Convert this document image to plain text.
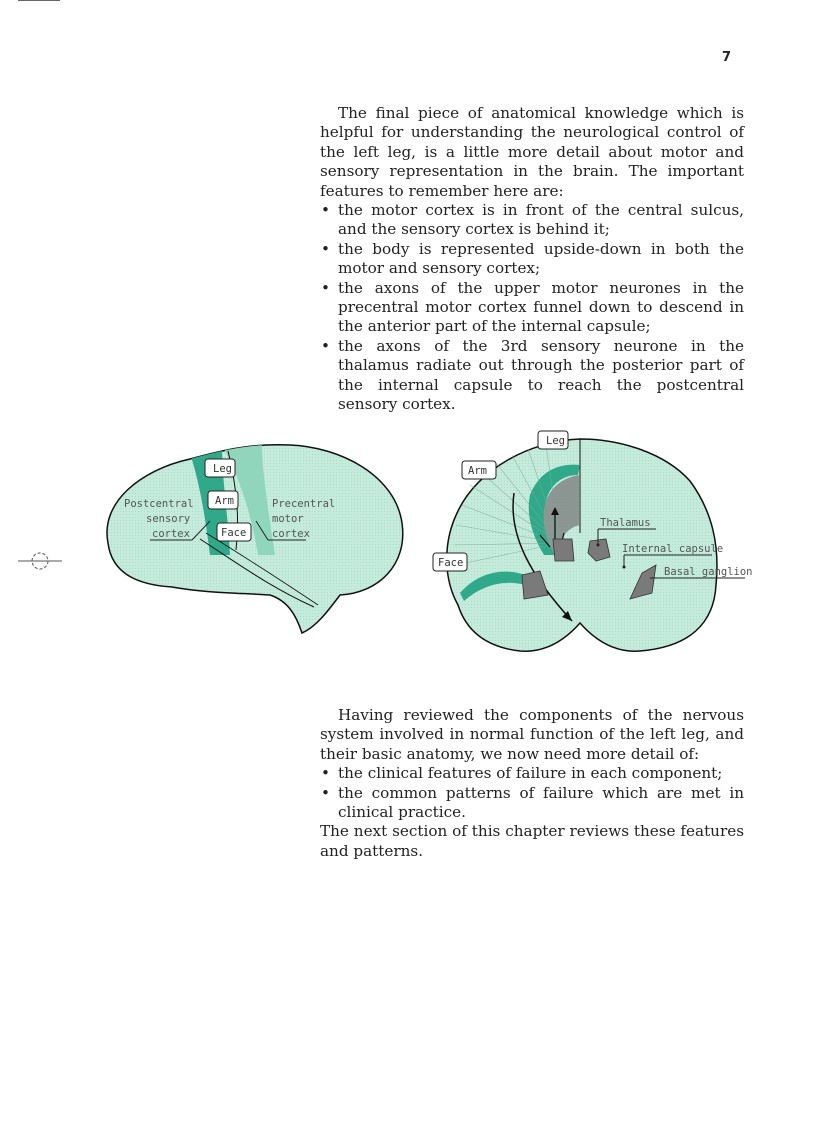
7

The final piece of anatomical knowledge which is helpful for understanding the neurological control of the left leg, is a little more detail about motor and sensory representation in the brain. The important features to remember here are:

• the motor cortex is in front of the central sulcus, and the sensory cortex is behind it;
• the body is represented upside-down in both the motor and sensory cortex;
• the axons of the upper motor neurones in the precentral motor cortex funnel down to descend in the anterior part of the internal capsule;
• the axons of the 3rd sensory neurone in the thalamus radiate out through the posterior part of the internal capsule to reach the postcentral sensory cortex.
Leg
Arm
Face
Postcentral
sensory
cortex
Precentral
motor
cortex
Leg
Arm
Face
Thalamus
Internal capsule
Basal ganglion

Having reviewed the components of the nervous system involved in normal function of the left leg, and their basic anatomy, we now need more detail of:

• the clinical features of failure in each component;
• the common patterns of failure which are met in clinical practice.

The next section of this chapter reviews these features and patterns.
